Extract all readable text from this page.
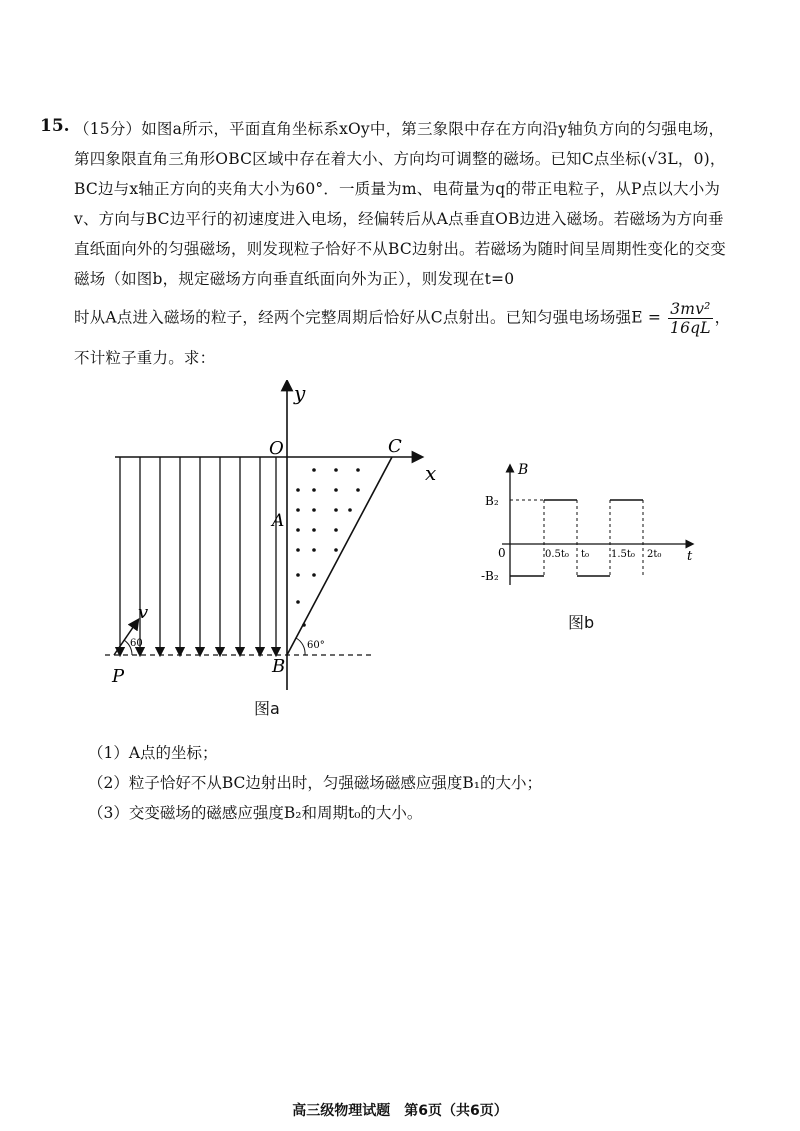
15. （15分）如图a所示，平面直角坐标系xOy中，第三象限中存在方向沿y轴负方向的匀强电场，第四象限直角三角形OBC区域中存在着大小、方向均可调整的磁场。已知C点坐标(√3L，0)，BC边与x轴正方向的夹角大小为60°．一质量为m、电荷量为q的带正电粒子，从P点以大小为v、方向与BC边平行的初速度进入电场，经偏转后从A点垂直OB边进入磁场。若磁场为方向垂直纸面向外的匀强磁场，则发现粒子恰好不从BC边射出。若磁场为随时间呈周期性变化的交变磁场（如图b，规定磁场方向垂直纸面向外为正），则发现在t=0

时从A点进入磁场的粒子，经两个完整周期后恰好从C点射出。已知匀强电场场强$E = \frac{\text{3mv²}}{16qL}$ ，

不计粒子重力。求：

y
x
O	C
A
B
P
v
60	60°
图a
B
t
B₂
-B₂
0	0.5t₀ t₀ 1.5t₀ 2t₀
图b
（1）A点的坐标；
（2）粒子恰好不从BC边射出时，匀强磁场磁感应强度B₁的大小；
（3）交变磁场的磁感应强度B₂和周期t₀的大小。
高三级物理试题　第6页（共6页）
